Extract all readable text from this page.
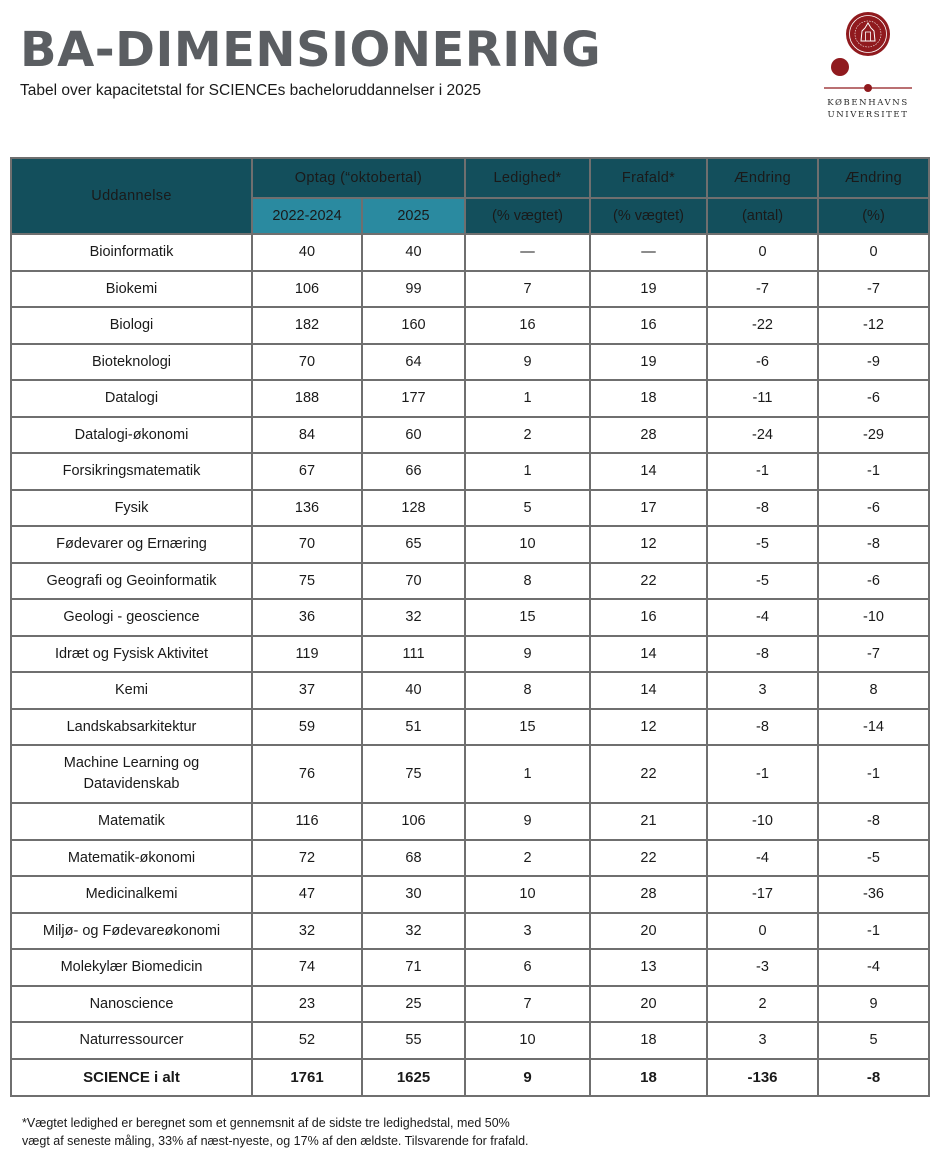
BA-DIMENSIONERING
Tabel over kapacitetstal for SCIENCEs bacheloruddannelser i 2025
KØBENHAVNS
UNIVERSITET
Uddannelse	Optag (“oktobertal)		Ledighed*	Frafald*	Ændring	Ændring
	2022-2024	2025	(% vægtet)	(% vægtet)	(antal)	(%)
Bioinformatik	40	40	—	—	0	0
Biokemi	106	99	7	19	-7	-7
Biologi	182	160	16	16	-22	-12
Bioteknologi	70	64	9	19	-6	-9
Datalogi	188	177	1	18	-11	-6
Datalogi-økonomi	84	60	2	28	-24	-29
Forsikringsmatematik	67	66	1	14	-1	-1
Fysik	136	128	5	17	-8	-6
Fødevarer og Ernæring	70	65	10	12	-5	-8
Geografi og Geoinformatik	75	70	8	22	-5	-6
Geologi - geoscience	36	32	15	16	-4	-10
Idræt og Fysisk Aktivitet	119	111	9	14	-8	-7
Kemi	37	40	8	14	3	8
Landskabsarkitektur	59	51	15	12	-8	-14

Machine Learning og
Datavidenskab	76	75	1	22	-1	-1
Matematik	116	106	9	21	-10	-8
Matematik-økonomi	72	68	2	22	-4	-5
Medicinalkemi	47	30	10	28	-17	-36
Miljø- og Fødevareøkonomi	32	32	3	20	0	-1
Molekylær Biomedicin	74	71	6	13	-3	-4
Nanoscience	23	25	7	20	2	9
Naturressourcer	52	55	10	18	3	5
SCIENCE i alt	1761	1625	9	18	-136	-8
*Vægtet ledighed er beregnet som et gennemsnit af de sidste tre ledighedstal, med 50%
vægt af seneste måling, 33% af næst-nyeste, og 17% af den ældste. Tilsvarende for frafald.
